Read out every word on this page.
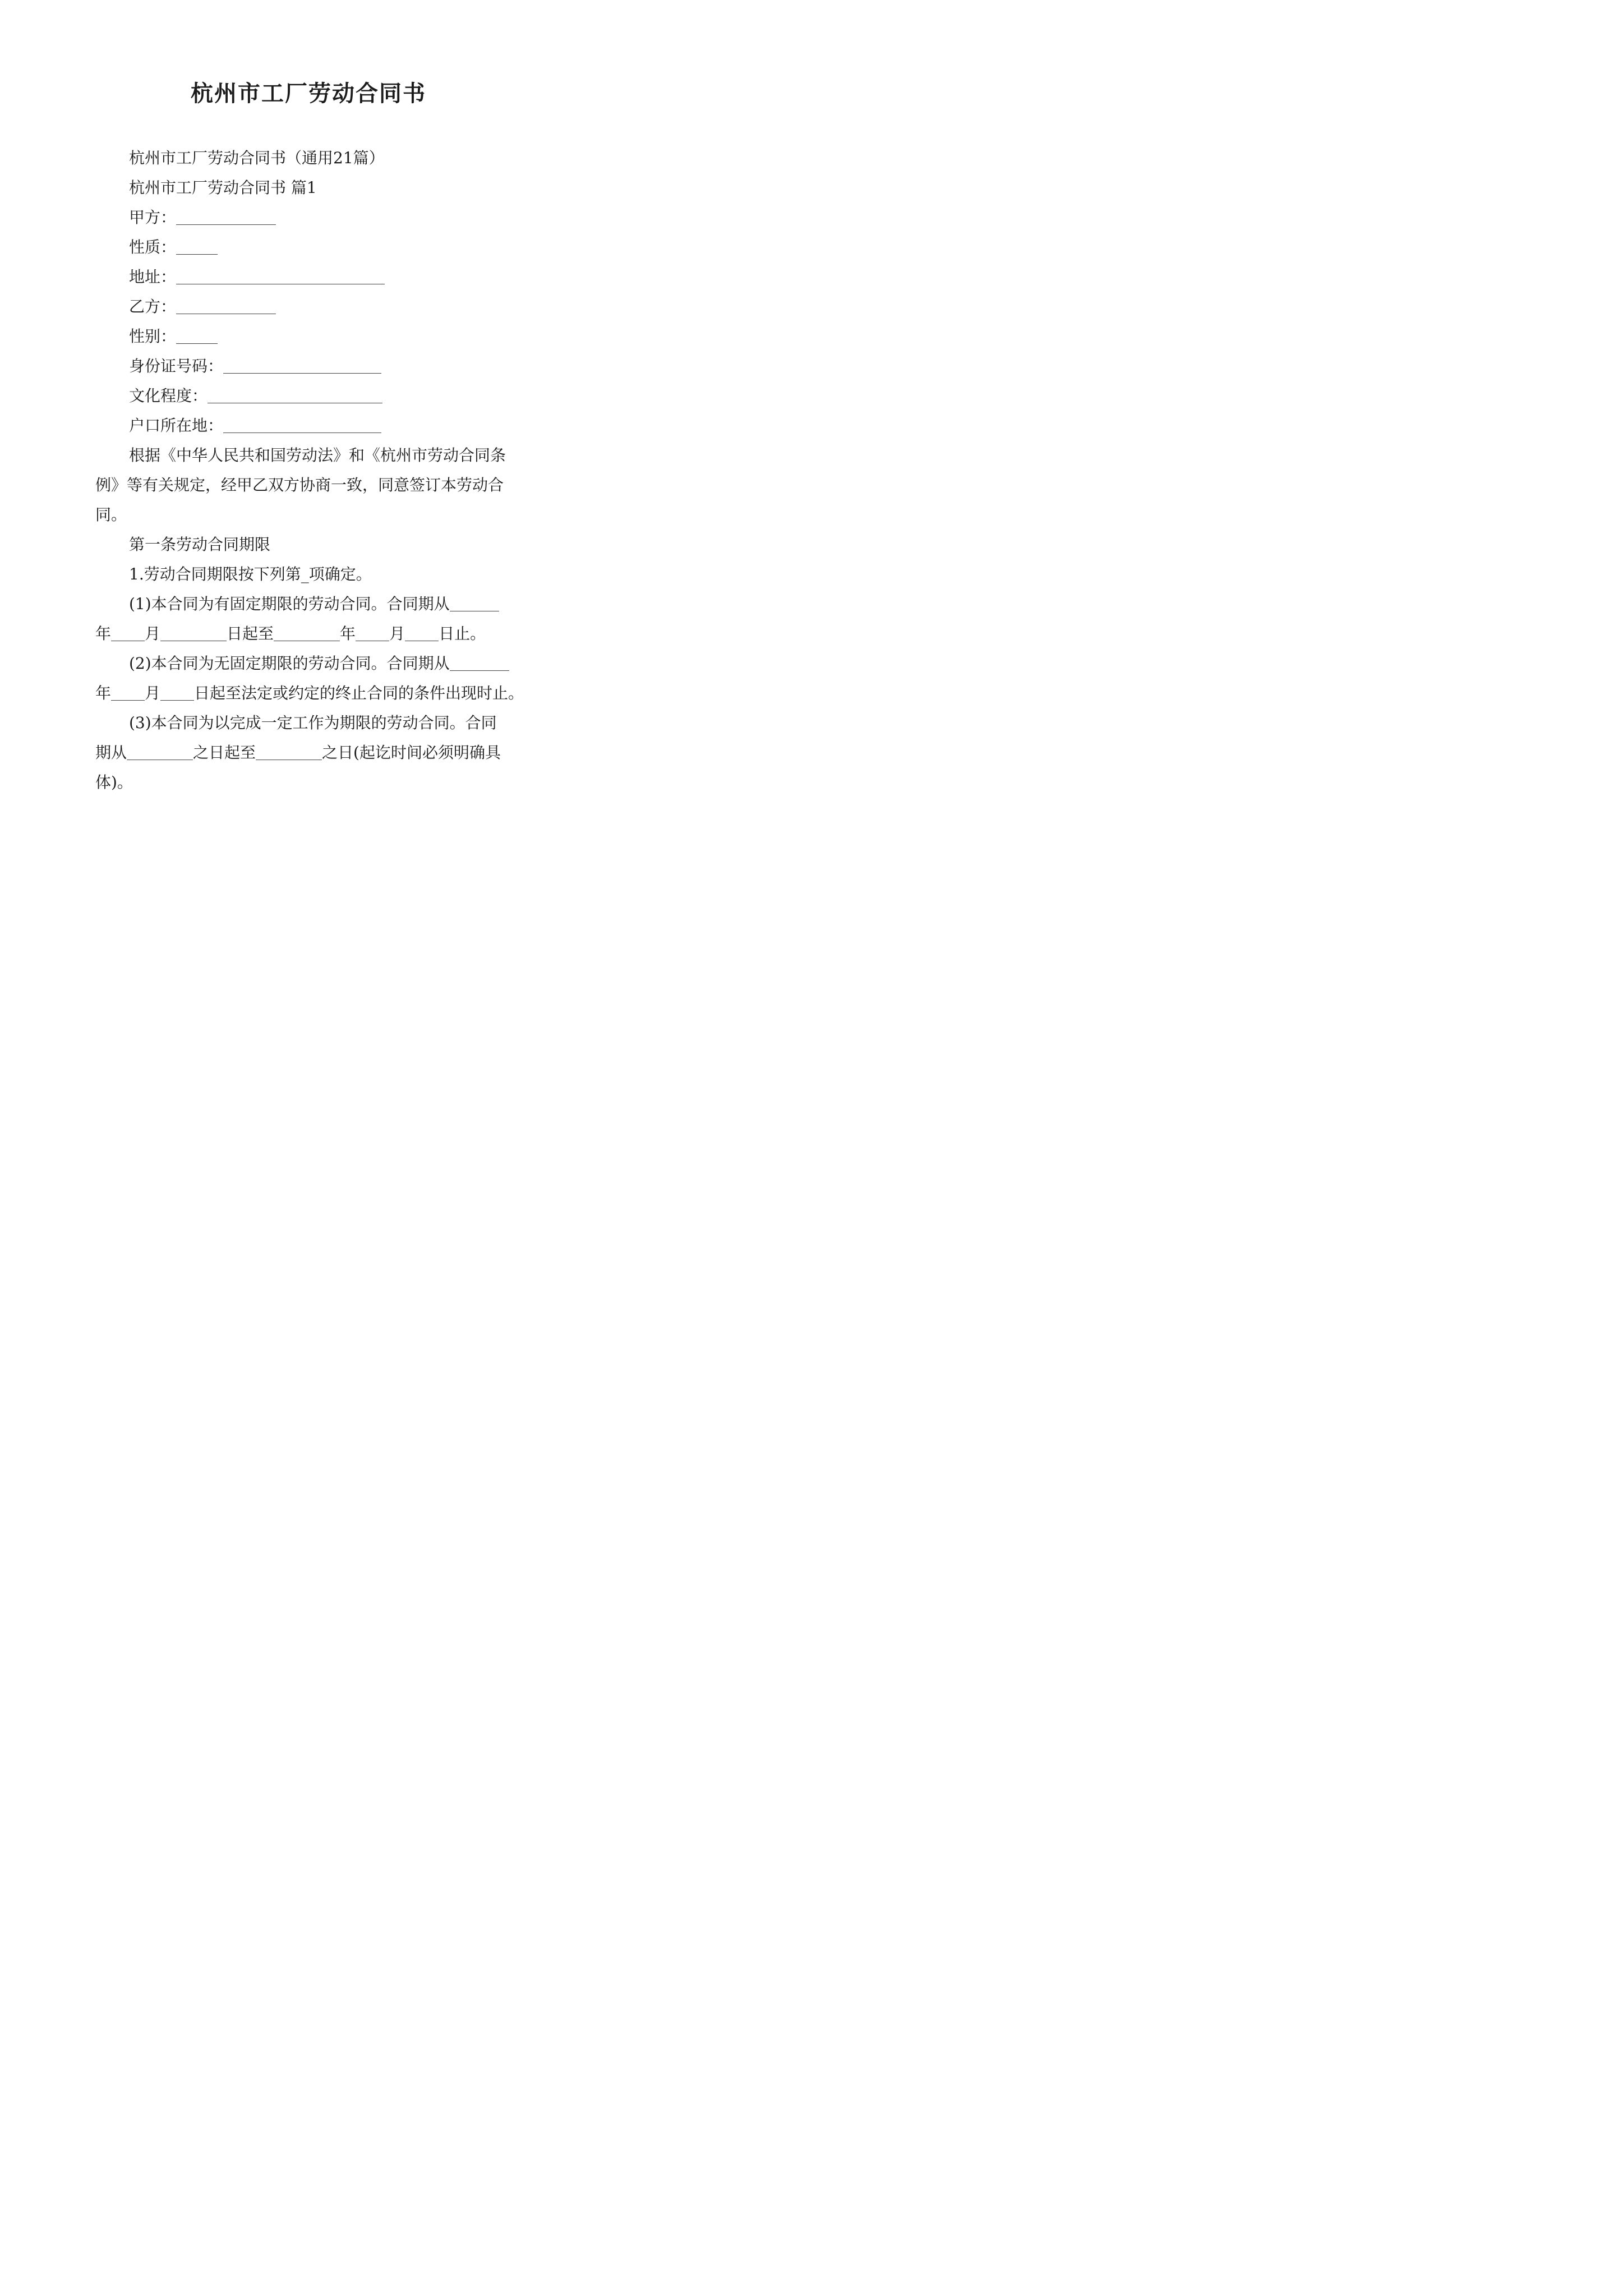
杭州市工厂劳动合同书
杭州市工厂劳动合同书（通用21篇）
杭州市工厂劳动合同书 篇1
甲方：
性质：
地址：
乙方：
性别：
身份证号码：
文化程度：
户口所在地：
根据《中华人民共和国劳动法》和《杭州市劳动合同条
例》等有关规定，经甲乙双方协商一致，同意签订本劳动合
同。
第一条劳动合同期限
1.劳动合同期限按下列第_项确定。
(1)本合同为有固定期限的劳动合同。合同期从
年 月	日起至	年 月 日止。
(2)本合同为无固定期限的劳动合同。合同期从
年 月 日起至法定或约定的终止合同的条件出现时止。
(3)本合同为以完成一定工作为期限的劳动合同。合同
期从	之日起至	之日(起讫时间必须明确具
体)。
